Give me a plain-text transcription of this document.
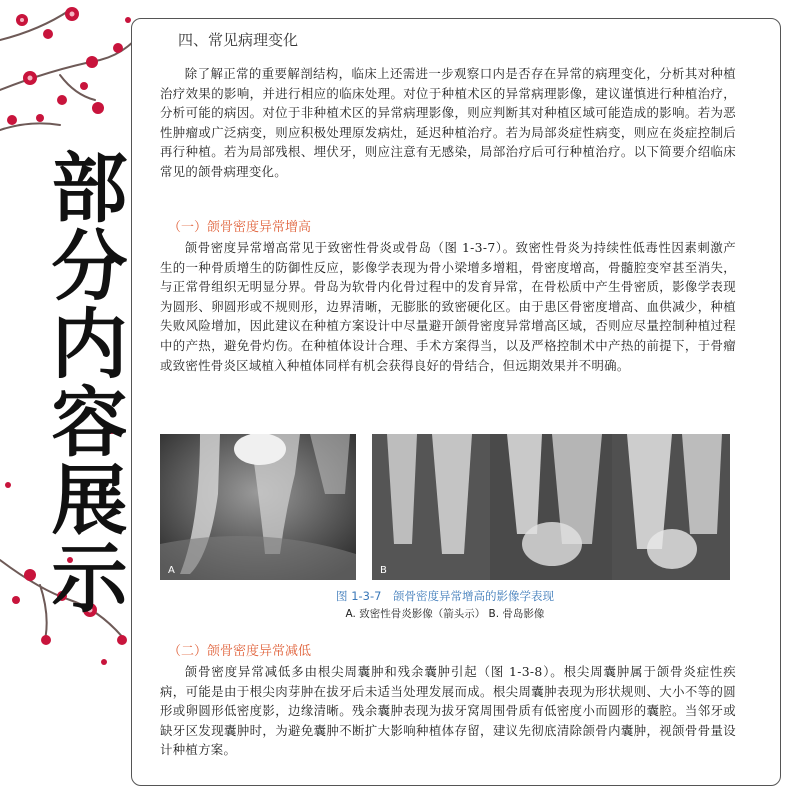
部分内容展示
四、常见病理变化
除了解正常的重要解剖结构，临床上还需进一步观察口内是否存在异常的病理变化，分析其对种植治疗效果的影响，并进行相应的临床处理。对位于种植术区的异常病理影像，建议谨慎进行种植治疗，分析可能的病因。对位于非种植术区的异常病理影像，则应判断其对种植区域可能造成的影响。若为恶性肿瘤或广泛病变，则应积极处理原发病灶，延迟种植治疗。若为局部炎症性病变，则应在炎症控制后再行种植。若为局部残根、埋伏牙，则应注意有无感染，局部治疗后可行种植治疗。以下简要介绍临床常见的颌骨病理变化。
（一）颌骨密度异常增高
颌骨密度异常增高常见于致密性骨炎或骨岛（图 1-3-7）。致密性骨炎为持续性低毒性因素刺激产生的一种骨质增生的防御性反应，影像学表现为骨小梁增多增粗，骨密度增高，骨髓腔变窄甚至消失，与正常骨组织无明显分界。骨岛为软骨内化骨过程中的发育异常，在骨松质中产生骨密质，影像学表现为圆形、卵圆形或不规则形，边界清晰，无膨胀的致密硬化区。由于患区骨密度增高、血供减少，种植失败风险增加，因此建议在种植方案设计中尽量避开颌骨密度异常增高区域，否则应尽量控制种植过程中的产热，避免骨灼伤。在种植体设计合理、手术方案得当，以及严格控制术中产热的前提下，于骨瘤或致密性骨炎区域植入种植体同样有机会获得良好的骨结合，但远期效果并不明确。
A	B
图 1-3-7　颌骨密度异常增高的影像学表现
A. 致密性骨炎影像（箭头示） B. 骨岛影像
（二）颌骨密度异常减低
颌骨密度异常减低多由根尖周囊肿和残余囊肿引起（图 1-3-8）。根尖周囊肿属于颌骨炎症性疾病，可能是由于根尖肉芽肿在拔牙后未适当处理发展而成。根尖周囊肿表现为形状规则、大小不等的圆形或卵圆形低密度影，边缘清晰。残余囊肿表现为拔牙窝周围骨质有低密度小而圆形的囊腔。当邻牙或缺牙区发现囊肿时，为避免囊肿不断扩大影响种植体存留，建议先彻底清除颌骨内囊肿，视颌骨骨量设计种植方案。
